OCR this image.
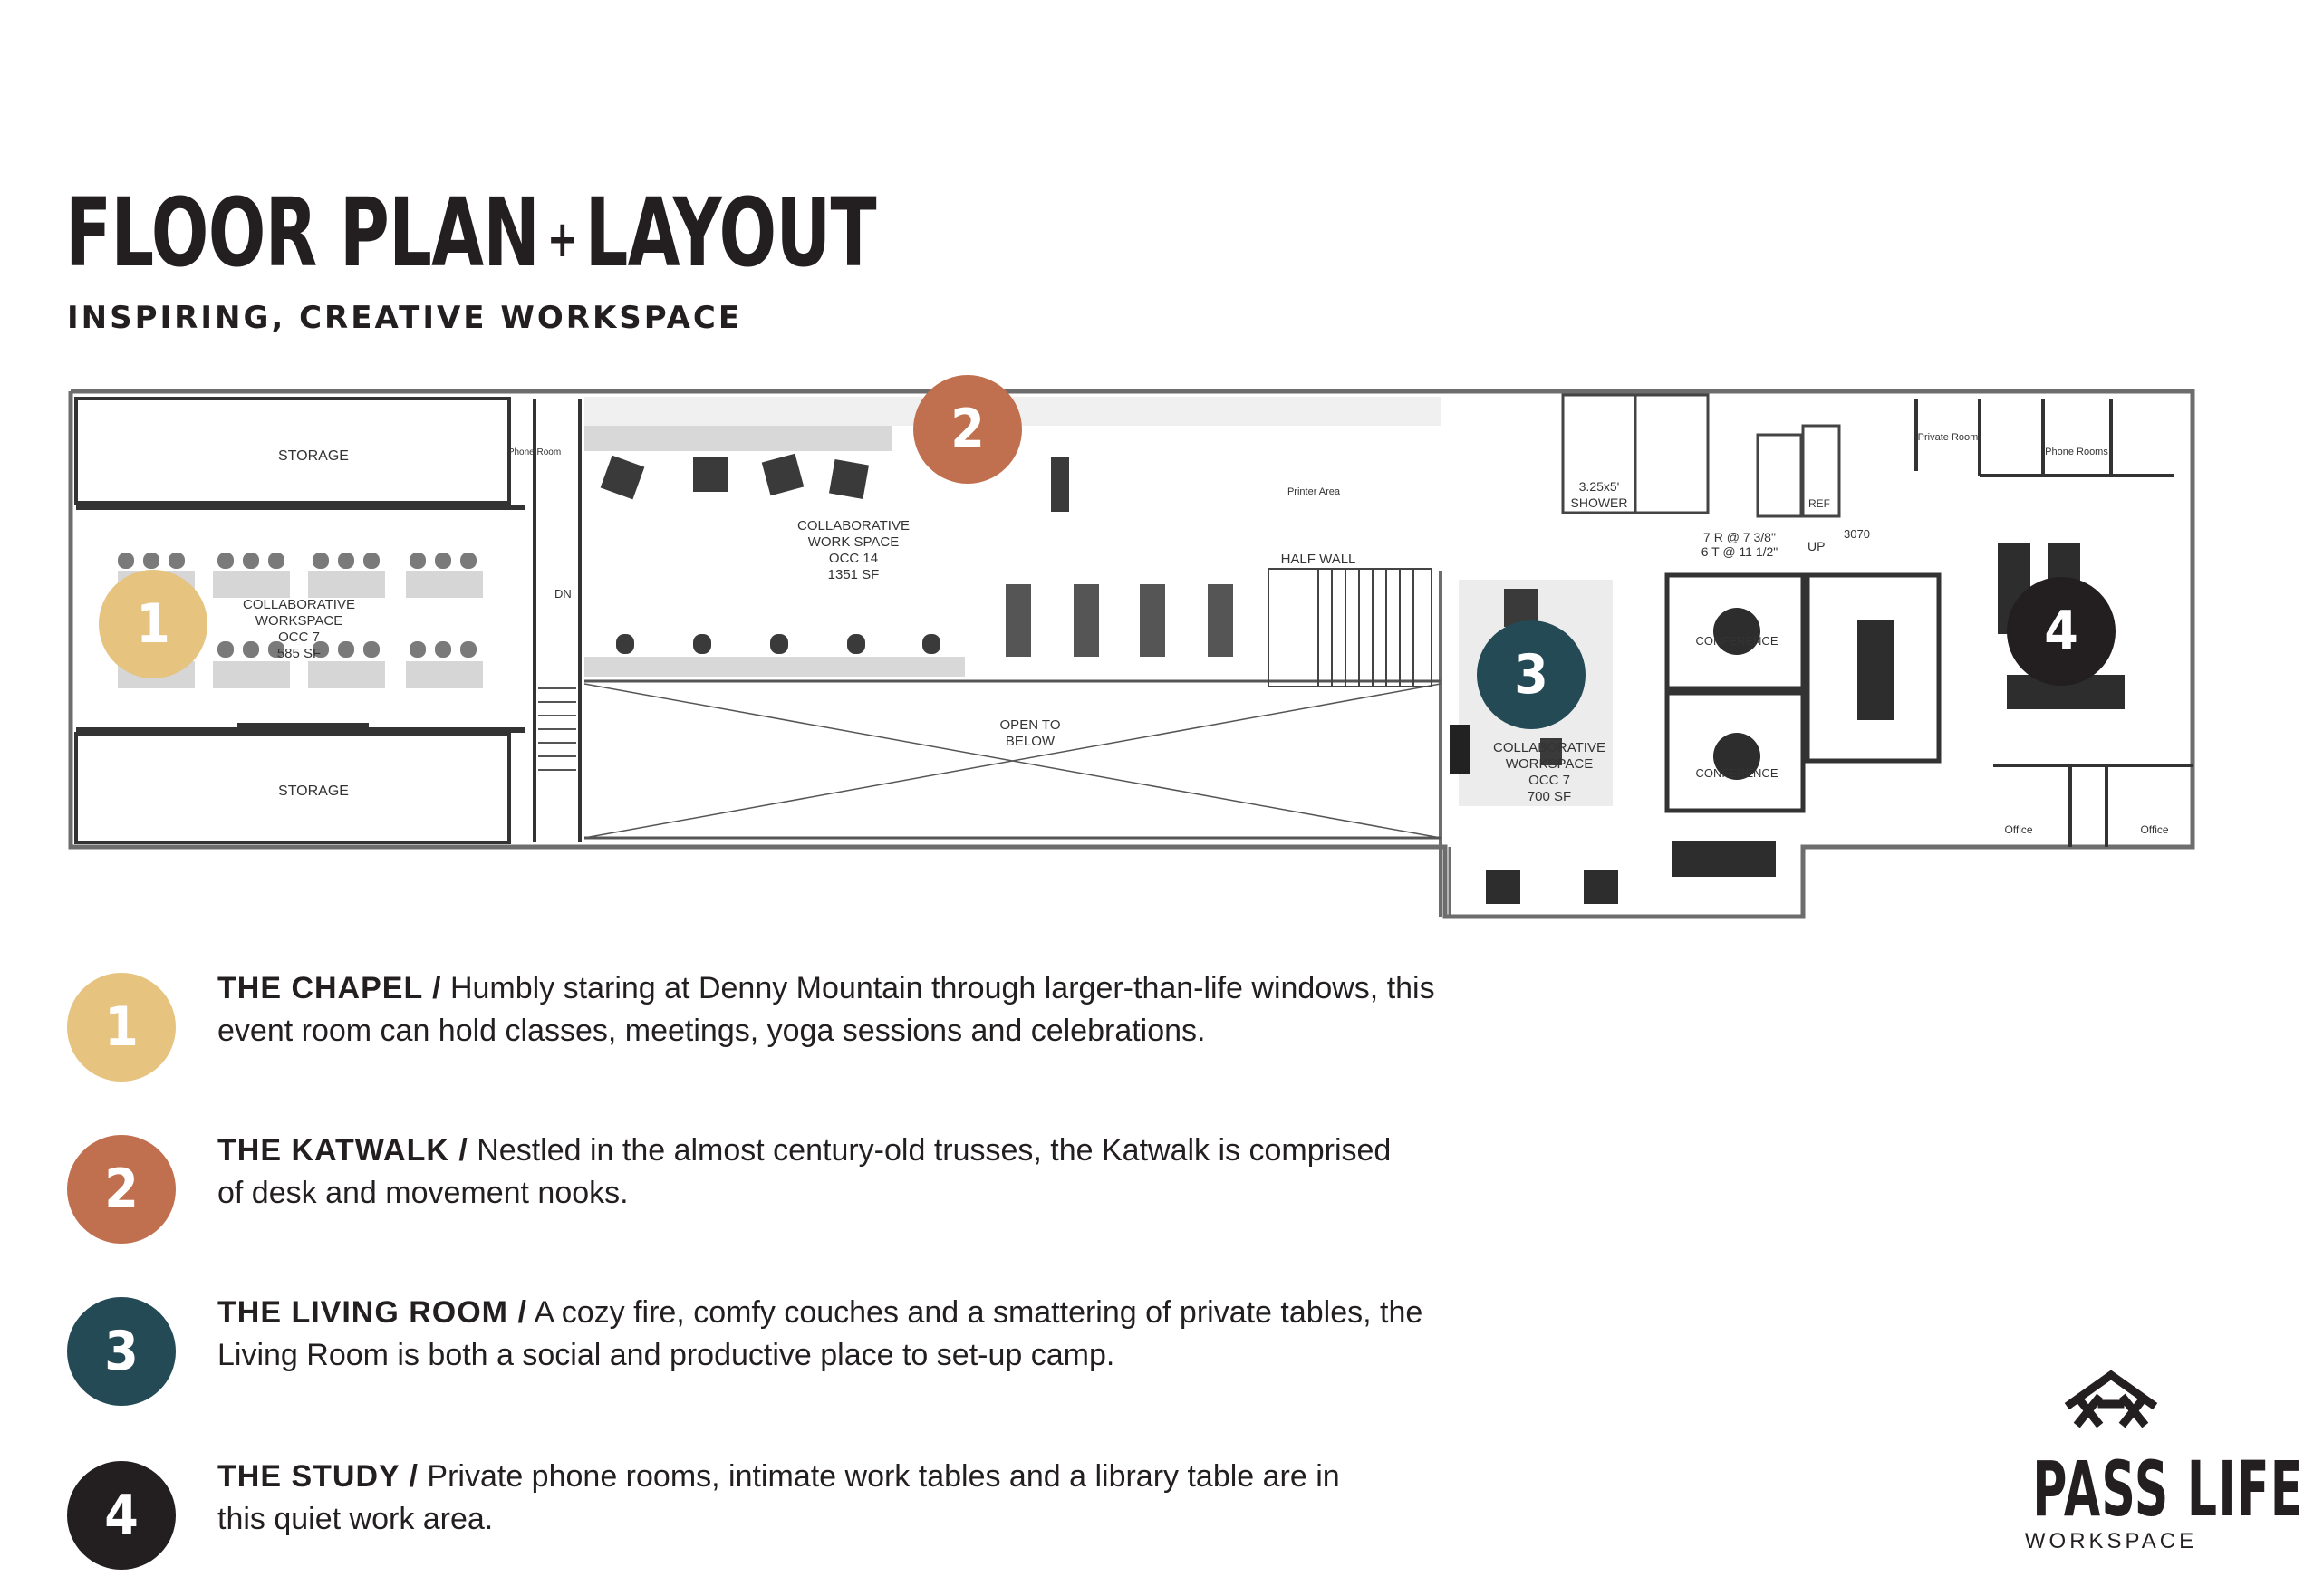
FLOOR PLAN +LAYOUT
INSPIRING, CREATIVE WORKSPACE
STORAGE
STORAGE
COLLABORATIVE
WORKSPACE
OCC 7
585 SF
DN
COLLABORATIVE
WORK SPACE
OCC 14
1351 SF
OPEN TO
BELOW
HALF WALL
Printer Area
COLLABORATIVE
WORKSPACE
OCC 7
700 SF
3.25x5'
SHOWER	REF
7 R @ 7 3/8"
6 T @ 11 1/2" UP
3070
CONFERENCE
CONFERENCE
Private Room
Phone Rooms
Phone Room
Office	Office
1
2
3
4
1
THE CHAPEL / Humbly staring at Denny Mountain through larger-than-life windows, this event room can hold classes, meetings, yoga sessions and celebrations.
2
THE KATWALK / Nestled in the almost century-old trusses, the Katwalk is comprised of desk and movement nooks.
3
THE LIVING ROOM / A cozy fire, comfy couches and a smattering of private tables, the Living Room is both a social and productive place to set-up camp.
4
THE STUDY / Private phone rooms, intimate work tables and a library table are in this quiet work area.	PASS LIFE
WORKSPACE
